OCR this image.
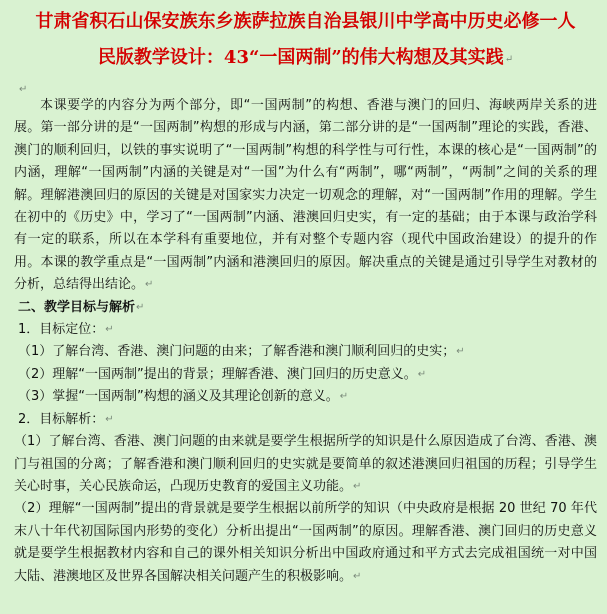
甘肃省积石山保安族东乡族萨拉族自治县银川中学高中历史必修一人
民版教学设计：43“一国两制”的伟大构想及其实践↵
↵

本课要学的内容分为两个部分，即“一国两制”的构想、香港与澳门的回归、海峡两岸关系的进展。第一部分讲的是“一国两制”构想的形成与内涵，第二部分讲的是“一国两制”理论的实践，香港、澳门的顺利回归，以铁的事实说明了“一国两制”构想的科学性与可行性，本课的核心是“一国两制”的内涵，理解“一国两制”内涵的关键是对“一国”为什么有“两制”，哪“两制”，“两制”之间的关系的理解。理解港澳回归的原因的关键是对国家实力决定一切观念的理解，对“一国两制”作用的理解。学生在初中的《历史》中，学习了“一国两制”内涵、港澳回归史实，有一定的基础；由于本课与政治学科有一定的联系，所以在本学科有重要地位，并有对整个专题内容（现代中国政治建设）的提升的作用。本课的教学重点是“一国两制”内涵和港澳回归的原因。解决重点的关键是通过引导学生对教材的分析，总结得出结论。↵

二、教学目标与解析↵

1．目标定位：↵

（1）了解台湾、香港、澳门问题的由来；了解香港和澳门顺利回归的史实；↵

（2）理解“一国两制”提出的背景；理解香港、澳门回归的历史意义。↵

（3）掌握“一国两制”构想的涵义及其理论创新的意义。↵

2．目标解析：↵

（1）了解台湾、香港、澳门问题的由来就是要学生根据所学的知识是什么原因造成了台湾、香港、澳门与祖国的分离；了解香港和澳门顺利回归的史实就是要简单的叙述港澳回归祖国的历程；引导学生关心时事，关心民族命运，凸现历史教育的爱国主义功能。↵

（2）理解“一国两制”提出的背景就是要学生根据以前所学的知识（中央政府是根据 20 世纪 70 年代末八十年代初国际国内形势的变化）分析出提出“一国两制”的原因。理解香港、澳门回归的历史意义就是要学生根据教材内容和自己的课外相关知识分析出中国政府通过和平方式去完成祖国统一对中国大陆、港澳地区及世界各国解决相关问题产生的积极影响。↵
